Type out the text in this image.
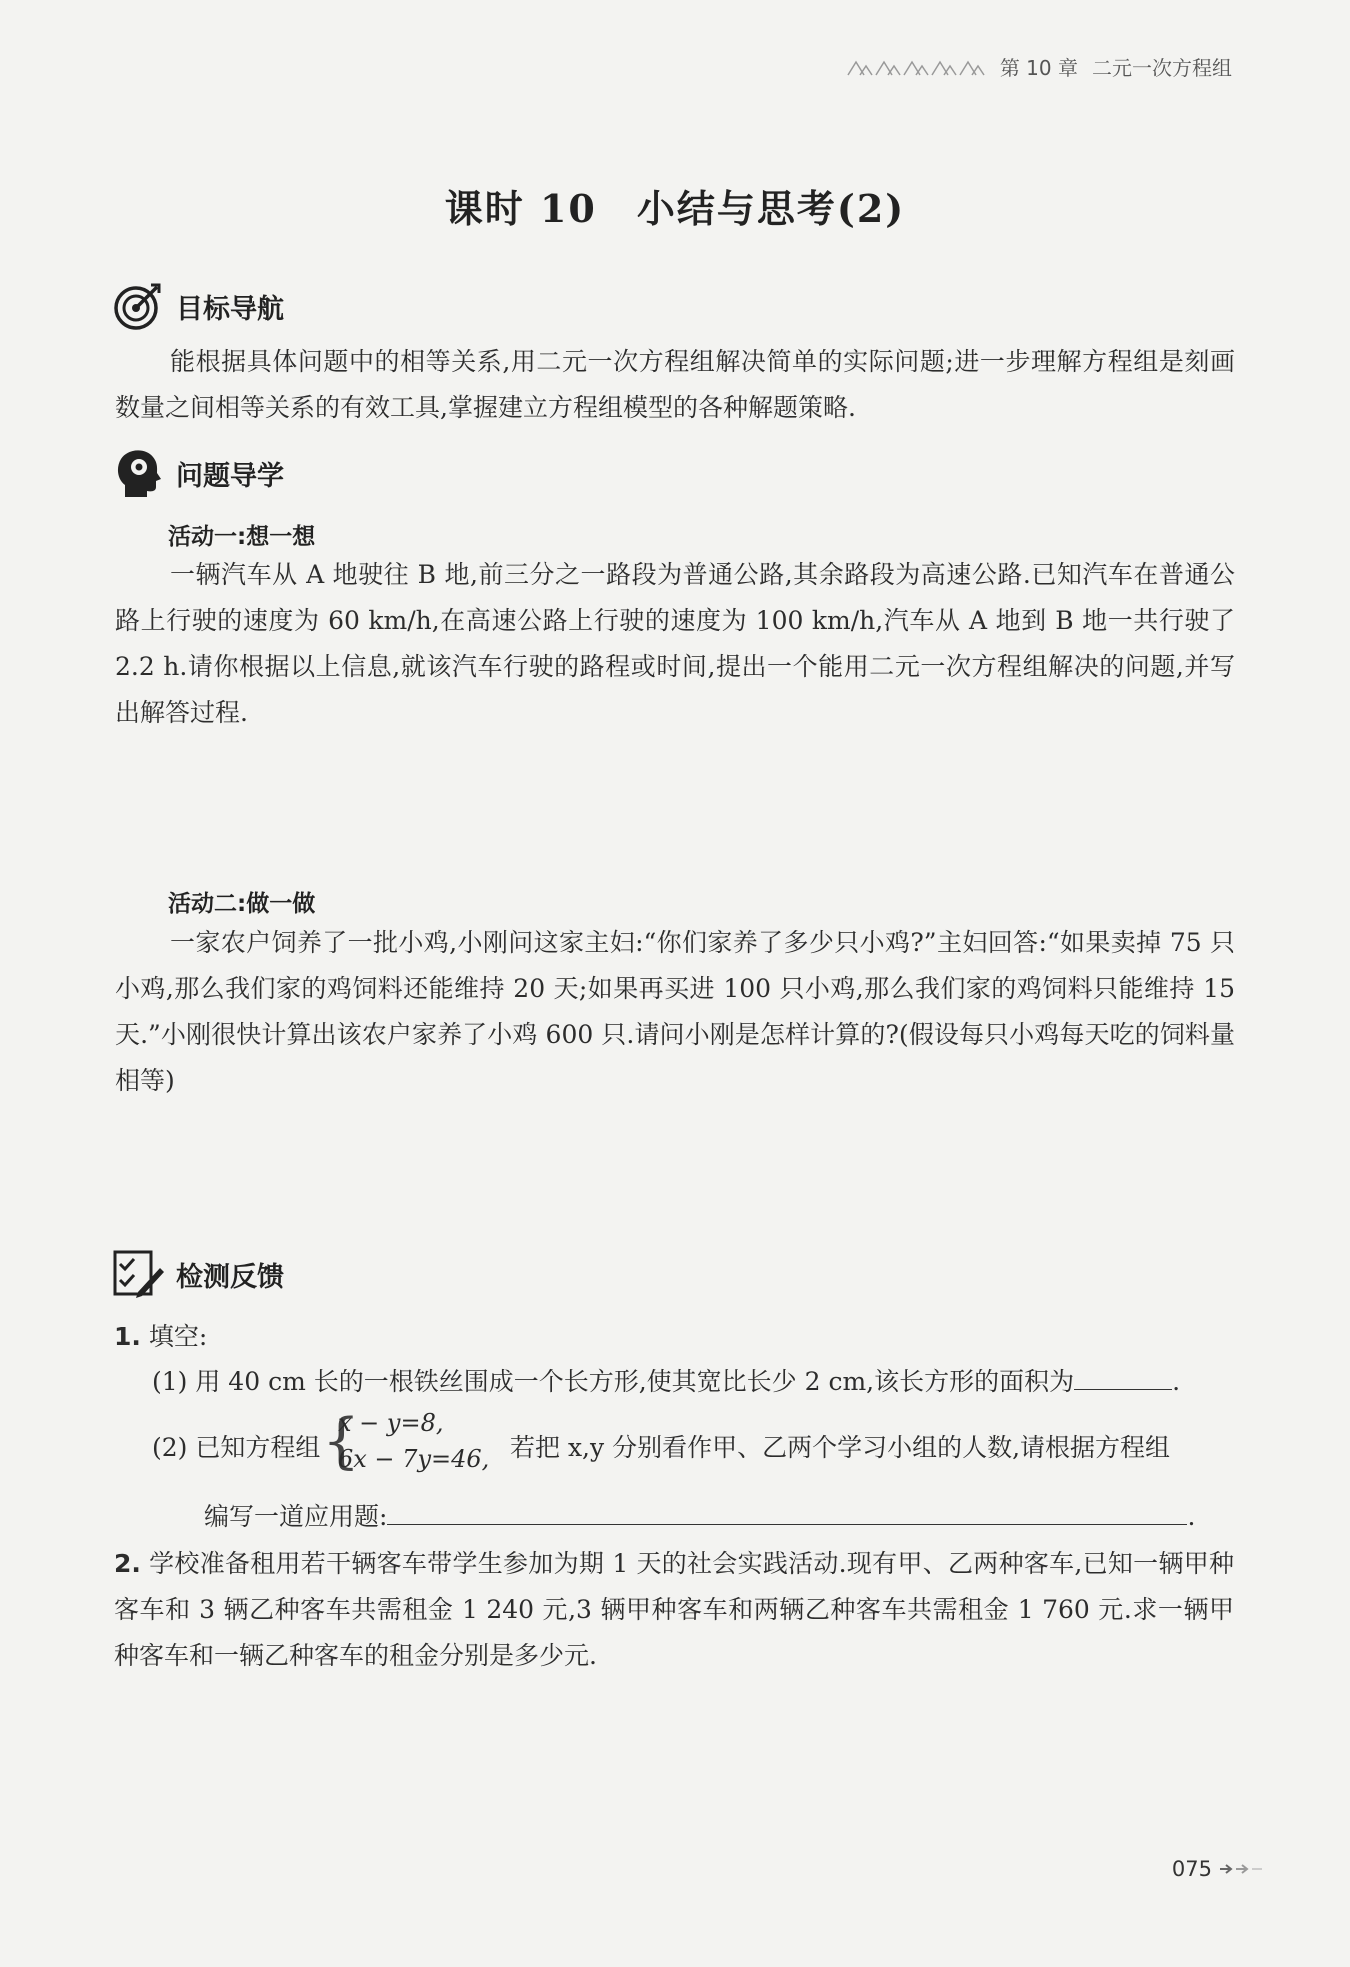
第 10 章 二元一次方程组
课时 10　小结与思考(2)
目标导航
能根据具体问题中的相等关系,用二元一次方程组解决简单的实际问题;进一步理解方程组是刻画数量之间相等关系的有效工具,掌握建立方程组模型的各种解题策略.
问题导学
活动一:想一想
一辆汽车从 A 地驶往 B 地,前三分之一路段为普通公路,其余路段为高速公路.已知汽车在普通公路上行驶的速度为 60 km/h,在高速公路上行驶的速度为 100 km/h,汽车从 A 地到 B 地一共行驶了 2.2 h.请你根据以上信息,就该汽车行驶的路程或时间,提出一个能用二元一次方程组解决的问题,并写出解答过程.
活动二:做一做
一家农户饲养了一批小鸡,小刚问这家主妇:“你们家养了多少只小鸡?”主妇回答:“如果卖掉 75 只小鸡,那么我们家的鸡饲料还能维持 20 天;如果再买进 100 只小鸡,那么我们家的鸡饲料只能维持 15 天.”小刚很快计算出该农户家养了小鸡 600 只.请问小刚是怎样计算的?(假设每只小鸡每天吃的饲料量相等)
检测反馈
1. 填空:
(1) 用 40 cm 长的一根铁丝围成一个长方形,使其宽比长少 2 cm,该长方形的面积为	.
(2) 已知方程组 {
x − y=8,
6x − 7y=46, 若把 x,y 分别看作甲、乙两个学习小组的人数,请根据方程组
编写一道应用题:	.
2. 学校准备租用若干辆客车带学生参加为期 1 天的社会实践活动.现有甲、乙两种客车,已知一辆甲种客车和 3 辆乙种客车共需租金 1 240 元,3 辆甲种客车和两辆乙种客车共需租金 1 760 元.求一辆甲种客车和一辆乙种客车的租金分别是多少元.
075
